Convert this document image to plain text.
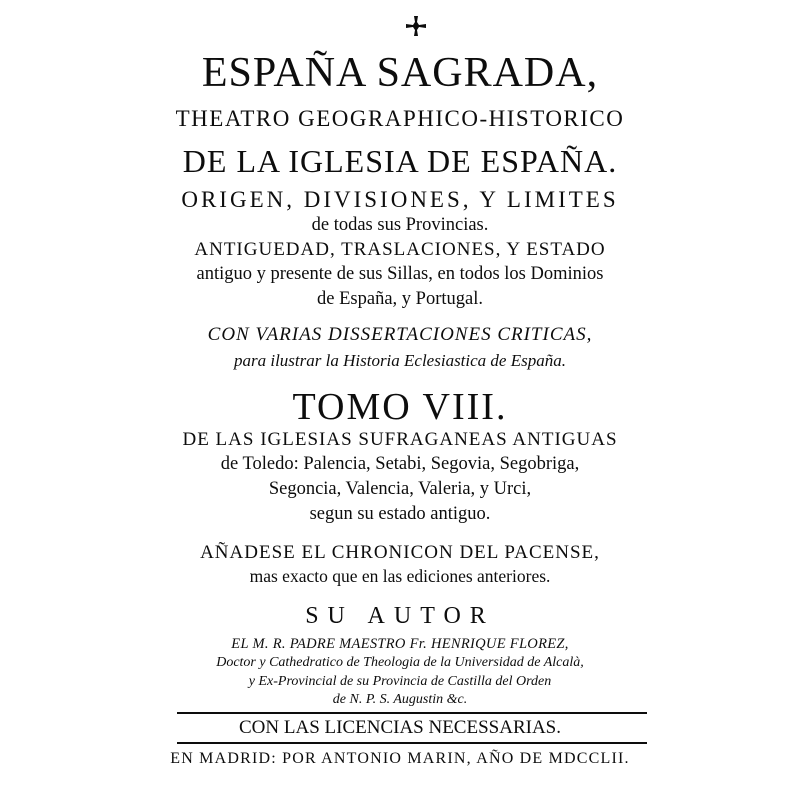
ESPAÑA SAGRADA,
THEATRO GEOGRAPHICO-HISTORICO
DE LA IGLESIA DE ESPAÑA.
ORIGEN, DIVISIONES, Y LIMITES
de todas sus Provincias.
ANTIGUEDAD, TRASLACIONES, Y ESTADO
antiguo y presente de sus Sillas, en todos los Dominios
de España, y Portugal.
CON VARIAS DISSERTACIONES CRITICAS,
para ilustrar la Historia Eclesiastica de España.
TOMO VIII.
DE LAS IGLESIAS SUFRAGANEAS ANTIGUAS
de Toledo: Palencia, Setabi, Segovia, Segobriga,
Segoncia, Valencia, Valeria, y Urci,
segun su estado antiguo.
AÑADESE EL CHRONICON DEL PACENSE,
mas exacto que en las ediciones anteriores.
SU AUTOR
EL M. R. PADRE MAESTRO Fr. HENRIQUE FLOREZ,
Doctor y Cathedratico de Theologia de la Universidad de Alcalà,
y Ex-Provincial de su Provincia de Castilla del Orden
de N. P. S. Augustin &c.
CON LAS LICENCIAS NECESSARIAS.
EN MADRID: POR ANTONIO MARIN, AÑO DE MDCCLII.
